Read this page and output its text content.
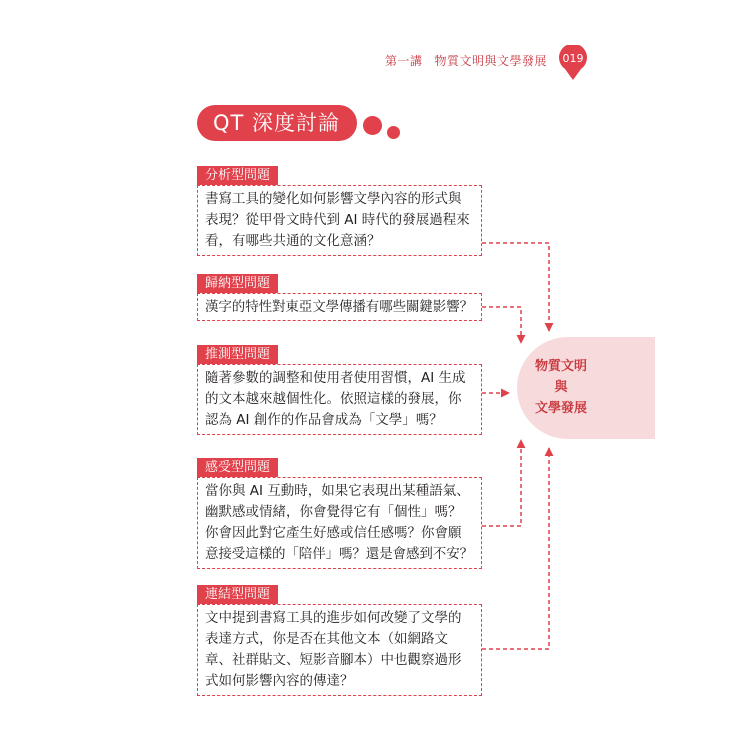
第一講 物質文明與文學發展	019
QT 深度討論
物質文明
與
文學發展
分析型問題
書寫工具的變化如何影響文學內容的形式與
表現？從甲骨文時代到 AI 時代的發展過程來
看，有哪些共通的文化意涵？
歸納型問題
漢字的特性對東亞文學傳播有哪些關鍵影響？
推測型問題
隨著參數的調整和使用者使用習慣，AI 生成
的文本越來越個性化。依照這樣的發展，你
認為 AI 創作的作品會成為「文學」嗎？
感受型問題
當你與 AI 互動時，如果它表現出某種語氣、
幽默感或情緒，你會覺得它有「個性」嗎？
你會因此對它產生好感或信任感嗎？你會願
意接受這樣的「陪伴」嗎？還是會感到不安？
連結型問題
文中提到書寫工具的進步如何改變了文學的
表達方式，你是否在其他文本（如網路文
章、社群貼文、短影音腳本）中也觀察過形
式如何影響內容的傳達？
